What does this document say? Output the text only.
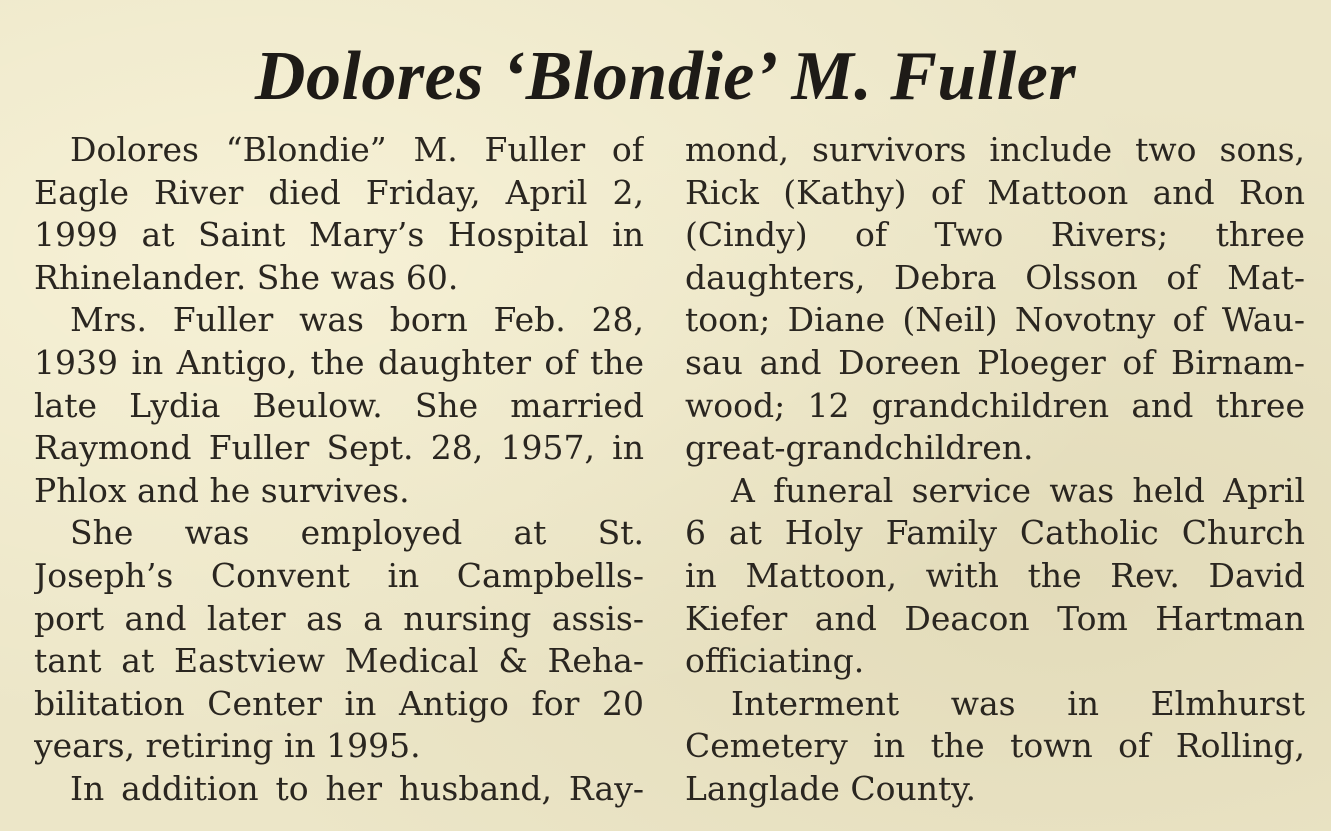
Dolores ‘Blondie’ M. Fuller
Dolores “Blondie” M. Fuller of
Eagle River died Friday, April 2,
1999 at Saint Mary’s Hospital in
Rhinelander. She was 60.
Mrs. Fuller was born Feb. 28,
1939 in Antigo, the daughter of the
late Lydia Beulow. She married
Raymond Fuller Sept. 28, 1957, in
Phlox and he survives.
She was employed at St.
Joseph’s Convent in Campbells-
port and later as a nursing assis-
tant at Eastview Medical & Reha-
bilitation Center in Antigo for 20
years, retiring in 1995.
In addition to her husband, Ray-
mond, survivors include two sons,
Rick (Kathy) of Mattoon and Ron
(Cindy) of Two Rivers; three
daughters, Debra Olsson of Mat-
toon; Diane (Neil) Novotny of Wau-
sau and Doreen Ploeger of Birnam-
wood; 12 grandchildren and three
great-grandchildren.
A funeral service was held April
6 at Holy Family Catholic Church
in Mattoon, with the Rev. David
Kiefer and Deacon Tom Hartman
officiating.
Interment was in Elmhurst
Cemetery in the town of Rolling,
Langlade County.
